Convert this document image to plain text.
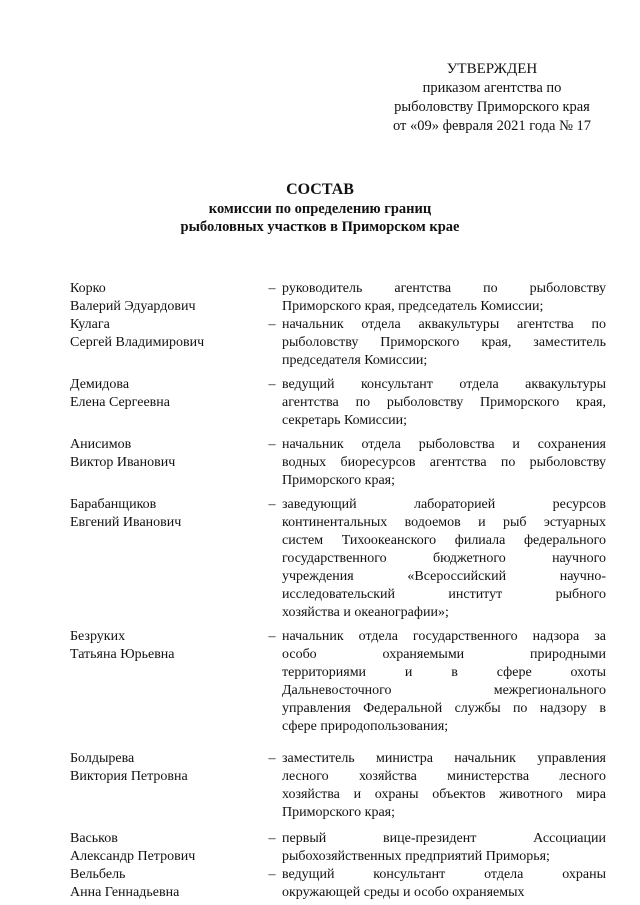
УТВЕРЖДЕН
приказом агентства по
рыболовству Приморского края
от «09» февраля 2021 года № 17
СОСТАВ
комиссии по определению границ
рыболовных участков в Приморском крае
Корко
Валерий Эдуардович
– руководитель агентства по рыболовству
Приморского края, председатель Комиссии;
Кулага
Сергей Владимирович
– начальник отдела аквакультуры агентства по
рыболовству Приморского края, заместитель
председателя Комиссии;
Демидова
Елена Сергеевна
– ведущий консультант отдела аквакультуры
агентства по рыболовству Приморского края,
секретарь Комиссии;
Анисимов
Виктор Иванович
– начальник отдела рыболовства и сохранения
водных биоресурсов агентства по рыболовству
Приморского края;
Барабанщиков
Евгений Иванович
– заведующий лабораторией ресурсов
континентальных водоемов и рыб эстуарных
систем Тихоокеанского филиала федерального
государственного бюджетного научного
учреждения «Всероссийский научно-
исследовательский институт рыбного
хозяйства и океанографии»;
Безруких
Татьяна Юрьевна
– начальник отдела государственного надзора за
особо охраняемыми природными
территориями и в сфере охоты
Дальневосточного межрегионального
управления Федеральной службы по надзору в
сфере природопользования;
Болдырева
Виктория Петровна
– заместитель министра начальник управления
лесного хозяйства министерства лесного
хозяйства и охраны объектов животного мира
Приморского края;
Васьков
Александр Петрович
– первый вице-президент Ассоциации
рыбохозяйственных предприятий Приморья;
Вельбель
Анна Геннадьевна
– ведущий консультант отдела охраны
окружающей среды и особо охраняемых
